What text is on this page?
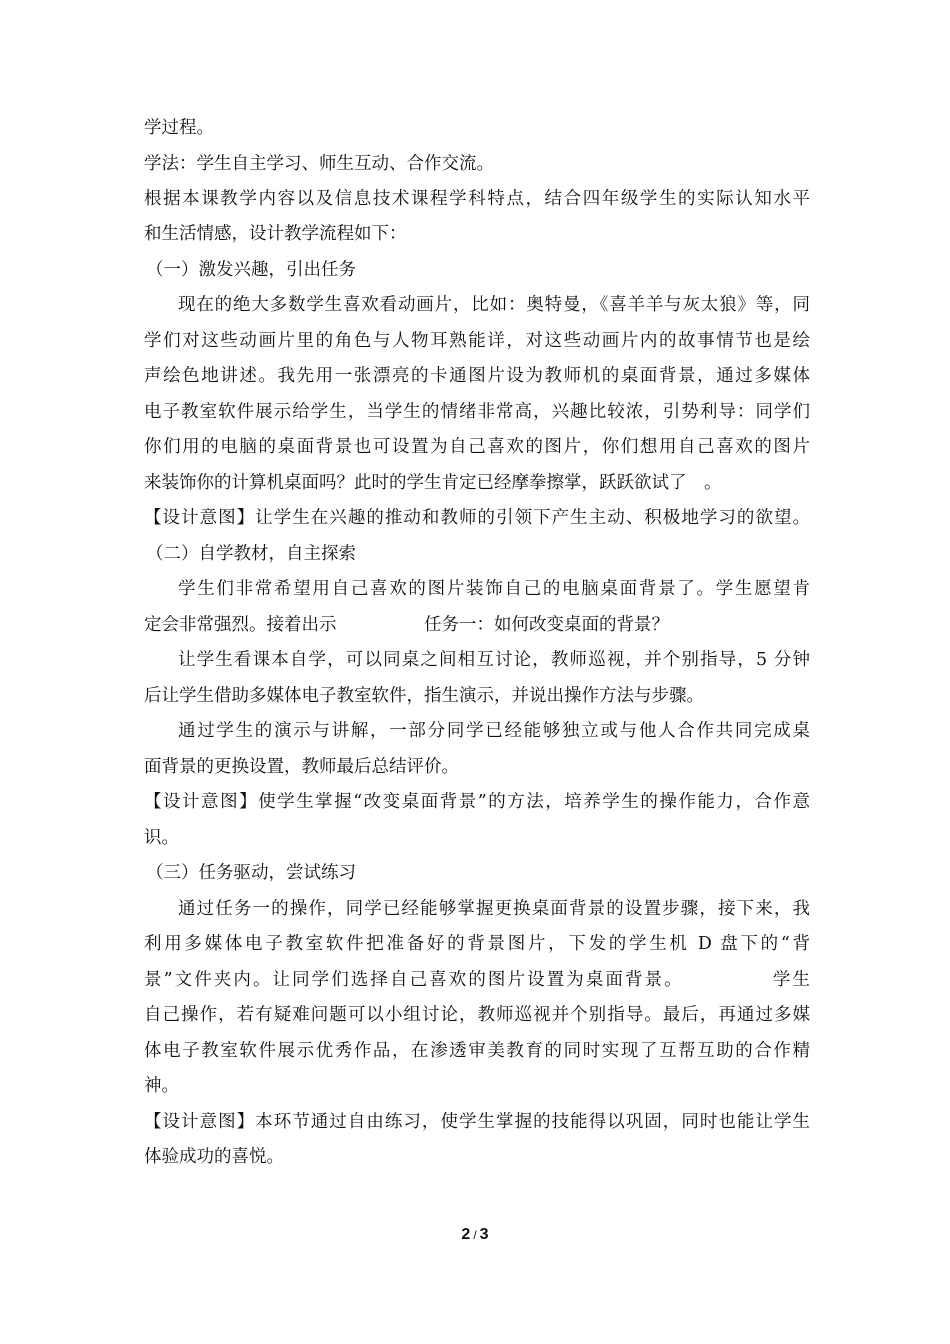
学过程。
学法：学生自主学习、师生互动、合作交流。
根据本课教学内容以及信息技术课程学科特点，结合四年级学生的实际认知水平
和生活情感，设计教学流程如下：
（一）激发兴趣，引出任务
现在的绝大多数学生喜欢看动画片，比如：奥特曼，《喜羊羊与灰太狼》等，同
学们对这些动画片里的角色与人物耳熟能详，对这些动画片内的故事情节也是绘
声绘色地讲述。我先用一张漂亮的卡通图片设为教师机的桌面背景，通过多媒体
电子教室软件展示给学生，当学生的情绪非常高，兴趣比较浓，引势利导：同学们
你们用的电脑的桌面背景也可设置为自己喜欢的图片，你们想用自己喜欢的图片
来装饰你的计算机桌面吗？此时的学生肯定已经摩拳擦掌，跃跃欲试了　。
【设计意图】让学生在兴趣的推动和教师的引领下产生主动、积极地学习的欲望。
（二）自学教材，自主探索
学生们非常希望用自己喜欢的图片装饰自己的电脑桌面背景了。学生愿望肯
定会非常强烈。接着出示　　　　　任务一：如何改变桌面的背景？
让学生看课本自学，可以同桌之间相互讨论，教师巡视，并个别指导，5 分钟
后让学生借助多媒体电子教室软件，指生演示，并说出操作方法与步骤。
通过学生的演示与讲解，一部分同学已经能够独立或与他人合作共同完成桌
面背景的更换设置，教师最后总结评价。
【设计意图】使学生掌握“改变桌面背景”的方法，培养学生的操作能力，合作意
识。
（三）任务驱动，尝试练习
通过任务一的操作，同学已经能够掌握更换桌面背景的设置步骤，接下来，我
利用多媒体电子教室软件把准备好的背景图片，下发的学生机 D 盘下的“背
景”文件夹内。让同学们选择自己喜欢的图片设置为桌面背景。　　　　　学生
自己操作，若有疑难问题可以小组讨论，教师巡视并个别指导。最后，再通过多媒
体电子教室软件展示优秀作品，在渗透审美教育的同时实现了互帮互助的合作精
神。
【设计意图】本环节通过自由练习，使学生掌握的技能得以巩固，同时也能让学生
体验成功的喜悦。
2 / 3
